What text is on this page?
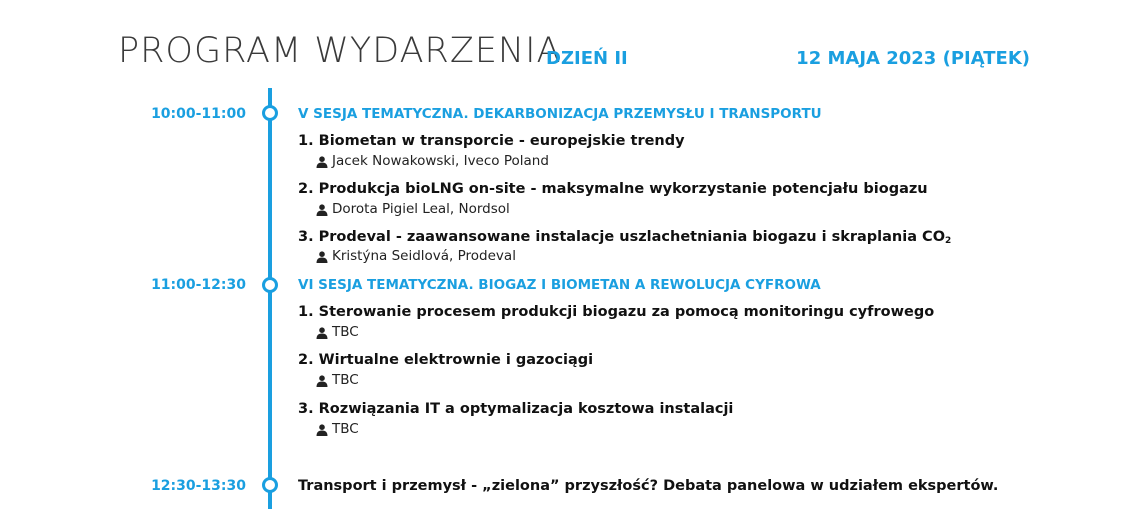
PROGRAM WYDARZENIA
DZIEŃ II	12 MAJA 2023 (PIĄTEK)
10:00-11:00	V SESJA TEMATYCZNA. DEKARBONIZACJA PRZEMYSŁU I TRANSPORTU
1. Biometan w transporcie - europejskie trendy
Jacek Nowakowski, Iveco Poland
2. Produkcja bioLNG on-site - maksymalne wykorzystanie potencjału biogazu
Dorota Pigiel Leal, Nordsol
3. Prodeval - zaawansowane instalacje uszlachetniania biogazu i skraplania $CO_2$
Kristýna Seidlová, Prodeval
11:00-12:30	VI SESJA TEMATYCZNA. BIOGAZ I BIOMETAN A REWOLUCJA CYFROWA
1. Sterowanie procesem produkcji biogazu za pomocą monitoringu cyfrowego
TBC
2. Wirtualne elektrownie i gazociągi
TBC
3. Rozwiązania IT a optymalizacja kosztowa instalacji
TBC
12:30-13:30	Transport i przemysł - „zielona” przyszłość? Debata panelowa w udziałem ekspertów.
